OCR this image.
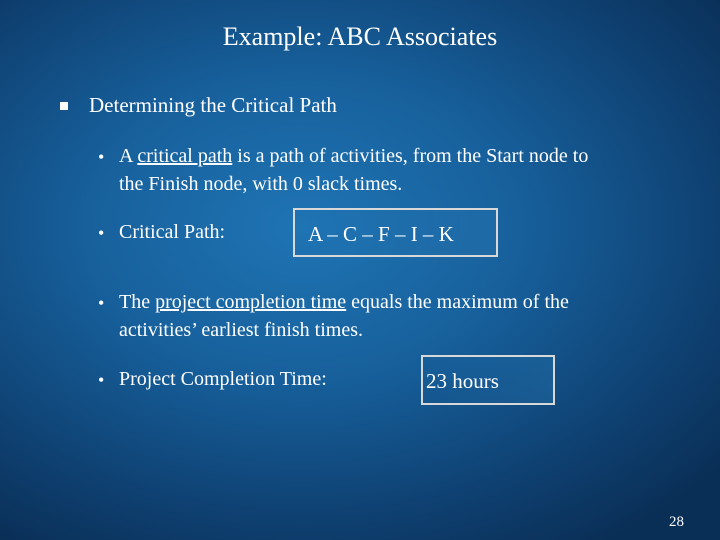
Example: ABC Associates
Determining the Critical Path
• A critical path is a path of activities, from the Start node to
the Finish node, with 0 slack times.
• Critical Path:	A – C – F – I – K
• The project completion time equals the maximum of the
activities’ earliest finish times.
• Project Completion Time:	23 hours
28
